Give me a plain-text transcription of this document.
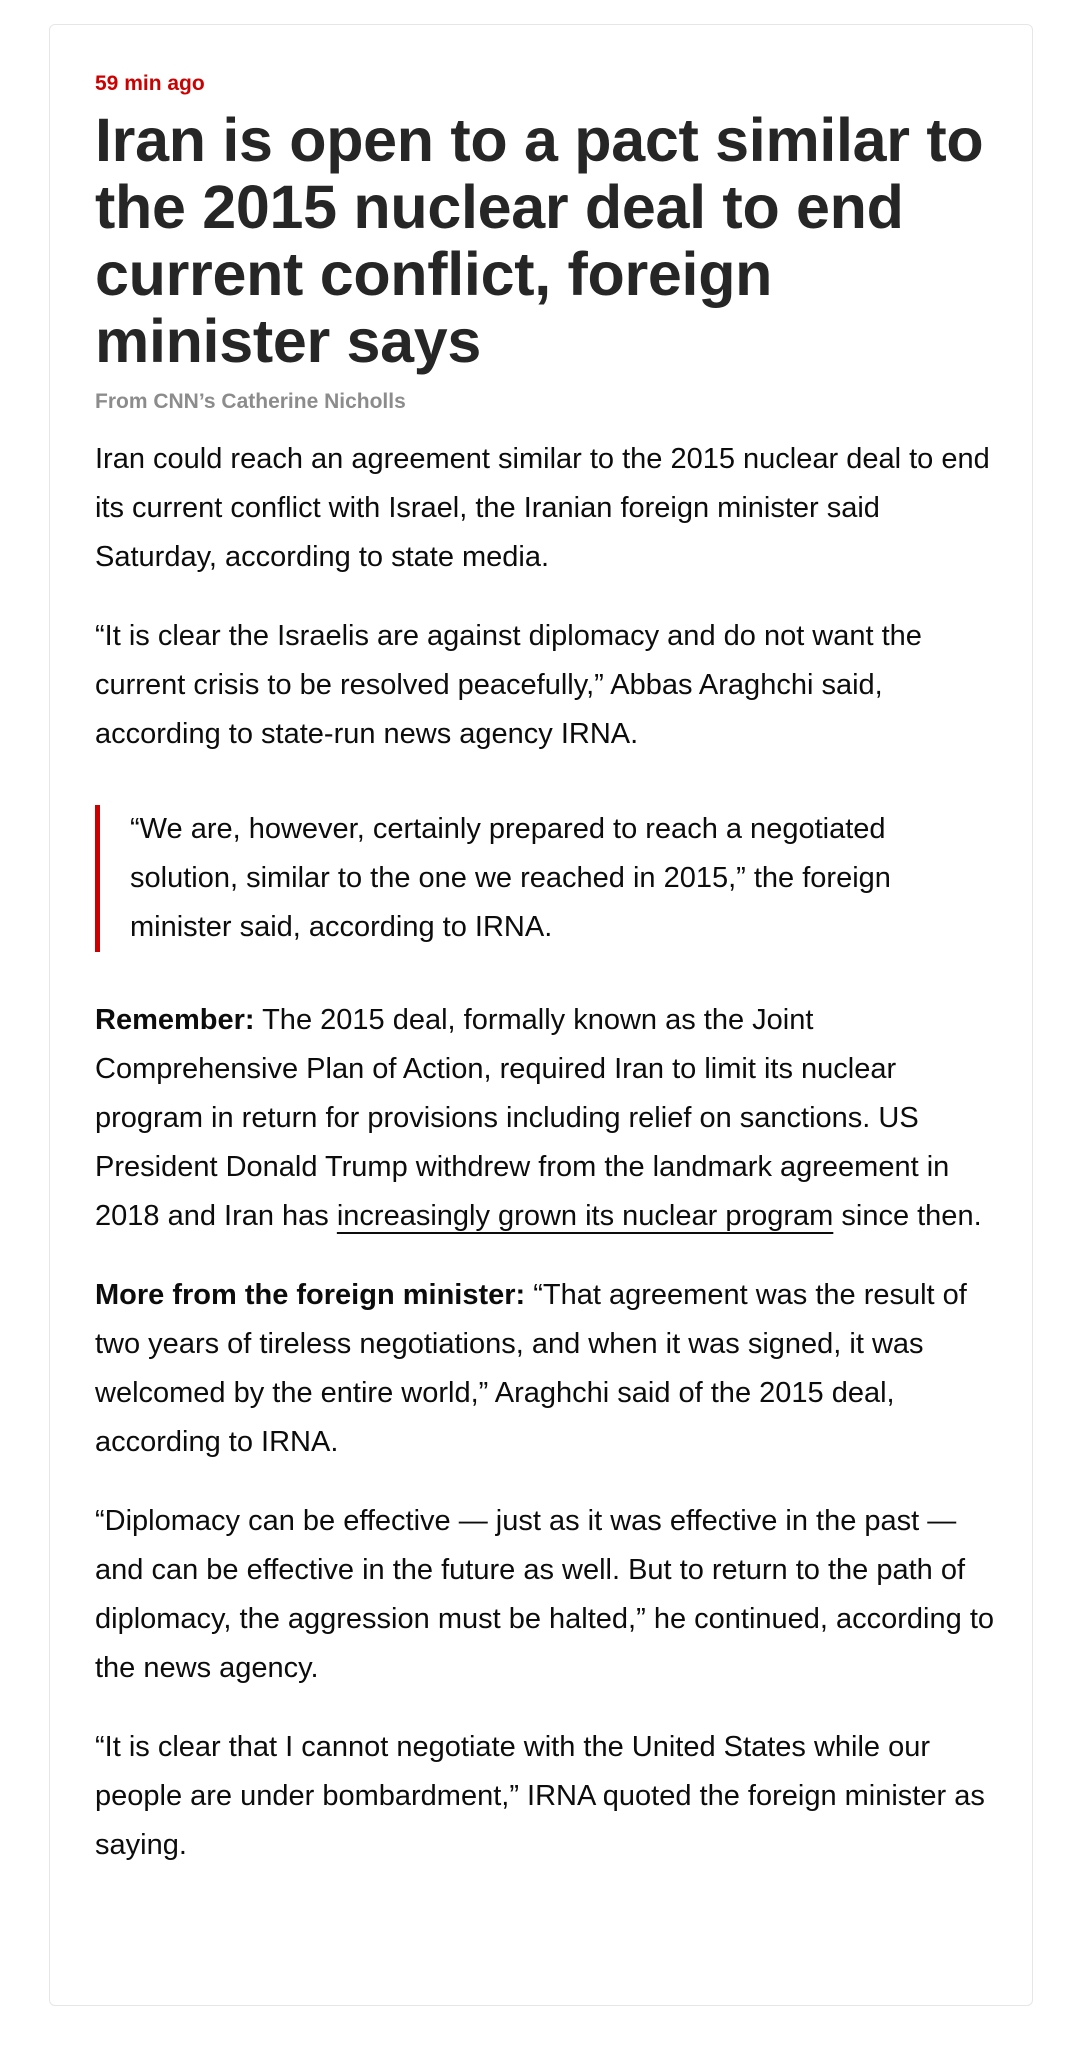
59 min ago

Iran is open to a pact similar to the 2015 nuclear deal to end current conflict, foreign minister says

From CNN’s Catherine Nicholls

Iran could reach an agreement similar to the 2015 nuclear deal to end its current conflict with Israel, the Iranian foreign minister said Saturday, according to state media.

“It is clear the Israelis are against diplomacy and do not want the current crisis to be resolved peacefully,” Abbas Araghchi said, according to state-run news agency IRNA.

“We are, however, certainly prepared to reach a negotiated solution, similar to the one we reached in 2015,” the foreign minister said, according to IRNA.

Remember: The 2015 deal, formally known as the Joint Comprehensive Plan of Action, required Iran to limit its nuclear program in return for provisions including relief on sanctions. US President Donald Trump withdrew from the landmark agreement in 2018 and Iran has increasingly grown its nuclear program since then.

More from the foreign minister: “That agreement was the result of two years of tireless negotiations, and when it was signed, it was welcomed by the entire world,” Araghchi said of the 2015 deal, according to IRNA.

“Diplomacy can be effective — just as it was effective in the past — and can be effective in the future as well. But to return to the path of diplomacy, the aggression must be halted,” he continued, according to the news agency.

“It is clear that I cannot negotiate with the United States while our people are under bombardment,” IRNA quoted the foreign minister as saying.
